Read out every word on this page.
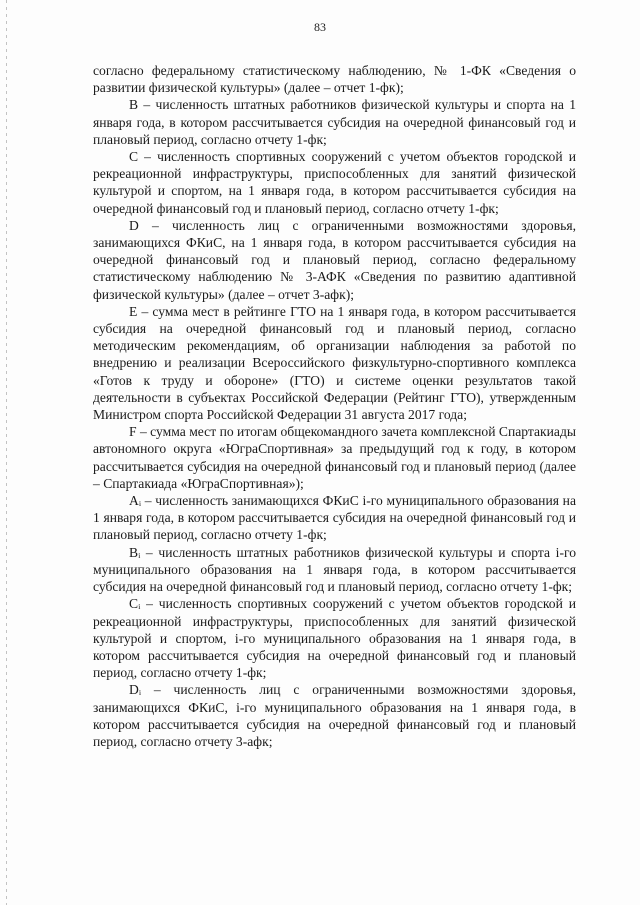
83

согласно федеральному статистическому наблюдению, № 1-ФК «Сведения о развитии физической культуры» (далее – отчет 1-фк);

B – численность штатных работников физической культуры и спорта на 1 января года, в котором рассчитывается субсидия на очередной финансовый год и плановый период, согласно отчету 1-фк;

C – численность спортивных сооружений с учетом объектов городской и рекреационной инфраструктуры, приспособленных для занятий физической культурой и спортом, на 1 января года, в котором рассчитывается субсидия на очередной финансовый год и плановый период, согласно отчету 1-фк;

D – численность лиц с ограниченными возможностями здоровья, занимающихся ФКиС, на 1 января года, в котором рассчитывается субсидия на очередной финансовый год и плановый период, согласно федеральному статистическому наблюдению № 3-АФК «Сведения по развитию адаптивной физической культуры» (далее – отчет 3-афк);

E – сумма мест в рейтинге ГТО на 1 января года, в котором рассчитывается субсидия на очередной финансовый год и плановый период, согласно методическим рекомендациям, об организации наблюдения за работой по внедрению и реализации Всероссийского физкультурно-спортивного комплекса «Готов к труду и обороне» (ГТО) и системе оценки результатов такой деятельности в субъектах Российской Федерации (Рейтинг ГТО), утвержденным Министром спорта Российской Федерации 31 августа 2017 года;

F – сумма мест по итогам общекомандного зачета комплексной Спартакиады автономного округа «ЮграСпортивная» за предыдущий год к году, в котором рассчитывается субсидия на очередной финансовый год и плановый период (далее – Спартакиада «ЮграСпортивная»);

Aᵢ – численность занимающихся ФКиС i-го муниципального образования на 1 января года, в котором рассчитывается субсидия на очередной финансовый год и плановый период, согласно отчету 1-фк;

Bᵢ – численность штатных работников физической культуры и спорта i-го муниципального образования на 1 января года, в котором рассчитывается субсидия на очередной финансовый год и плановый период, согласно отчету 1-фк;

Cᵢ – численность спортивных сооружений с учетом объектов городской и рекреационной инфраструктуры, приспособленных для занятий физической культурой и спортом, i-го муниципального образования на 1 января года, в котором рассчитывается субсидия на очередной финансовый год и плановый период, согласно отчету 1-фк;

Dᵢ – численность лиц с ограниченными возможностями здоровья, занимающихся ФКиС, i-го муниципального образования на 1 января года, в котором рассчитывается субсидия на очередной финансовый год и плановый период, согласно отчету 3-афк;
